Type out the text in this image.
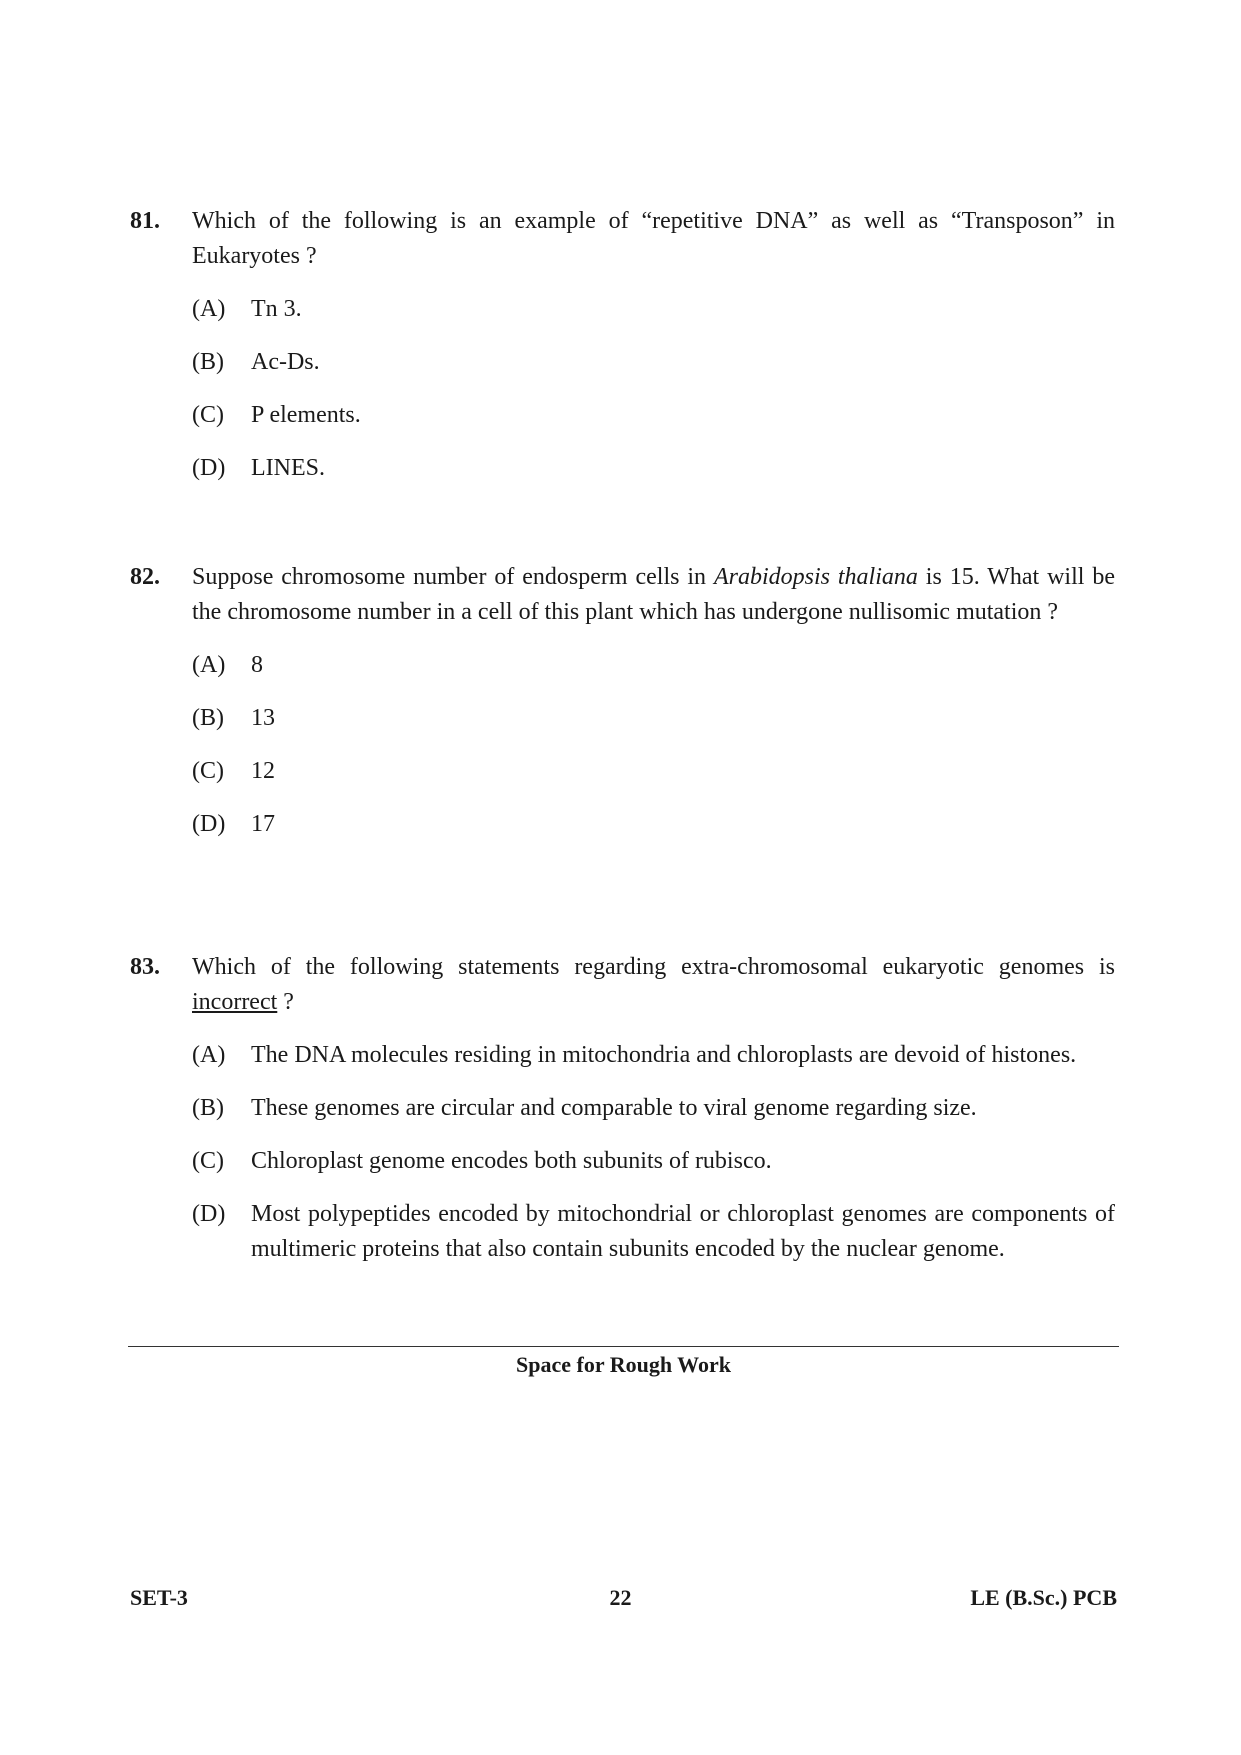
81. Which of the following is an example of “repetitive DNA” as well as “Transposon” in Eukaryotes ?
(A) Tn 3.
(B) Ac-Ds.
(C) P elements.
(D) LINES.
82. Suppose chromosome number of endosperm cells in Arabidopsis thaliana is 15. What will be the chromosome number in a cell of this plant which has undergone nullisomic mutation ?
(A) 8
(B) 13
(C) 12
(D) 17
83. Which of the following statements regarding extra-chromosomal eukaryotic genomes is incorrect ?
(A) The DNA molecules residing in mitochondria and chloroplasts are devoid of histones.
(B) These genomes are circular and comparable to viral genome regarding size.
(C) Chloroplast genome encodes both subunits of rubisco.
(D) Most polypeptides encoded by mitochondrial or chloroplast genomes are components of multimeric proteins that also contain subunits encoded by the nuclear genome.
Space for Rough Work
SET-3	22	LE (B.Sc.) PCB
